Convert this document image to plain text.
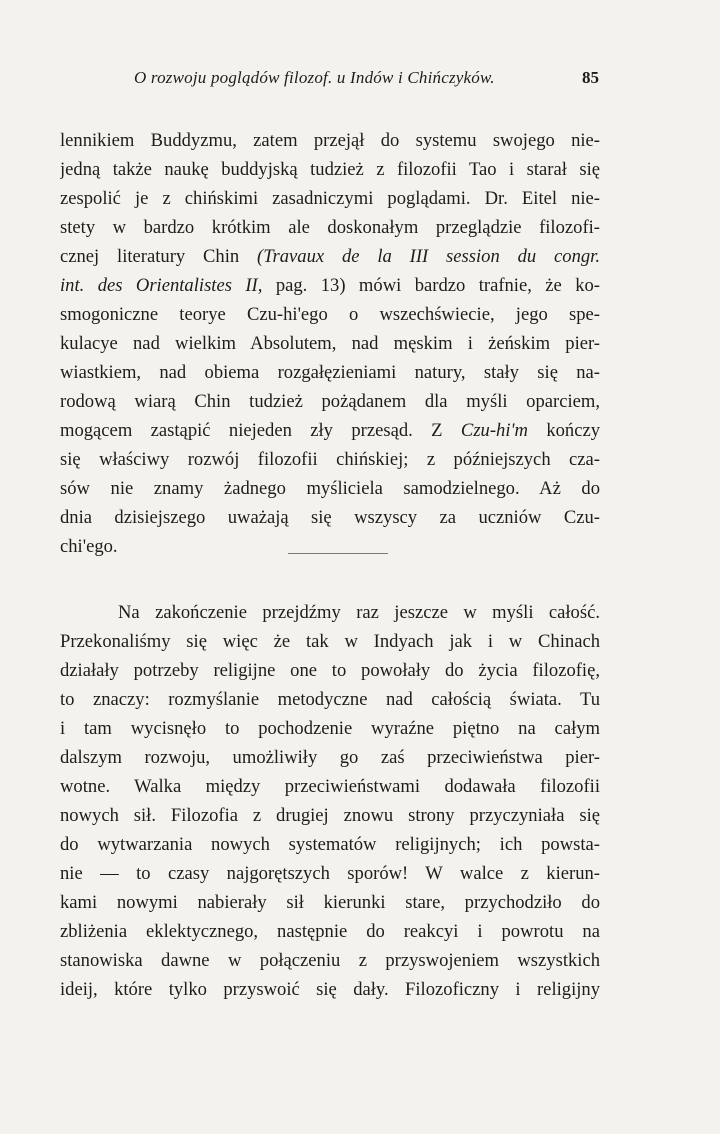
O rozwoju poglądów filozof. u Indów i Chińczyków.	85
lennikiem Buddyzmu, zatem przejął do systemu swojego nie-
jedną także naukę buddyjską tudzież z filozofii Tao i starał się
zespolić je z chińskimi zasadniczymi poglądami. Dr. Eitel nie-
stety w bardzo krótkim ale doskonałym przeglądzie filozofi-
cznej literatury Chin (Travaux de la III session du congr.
int. des Orientalistes II, pag. 13) mówi bardzo trafnie, że ko-
smogoniczne teorye Czu-hi'ego o wszechświecie, jego spe-
kulacye nad wielkim Absolutem, nad męskim i żeńskim pier-
wiastkiem, nad obiema rozgałęzieniami natury, stały się na-
rodową wiarą Chin tudzież pożądanem dla myśli oparciem,
mogącem zastąpić niejeden zły przesąd. Z Czu-hi'm kończy
się właściwy rozwój filozofii chińskiej; z późniejszych cza-
sów nie znamy żadnego myśliciela samodzielnego. Aż do
dnia dzisiejszego uważają się wszyscy za uczniów Czu-
chi'ego.
Na zakończenie przejdźmy raz jeszcze w myśli całość.
Przekonaliśmy się więc że tak w Indyach jak i w Chinach
działały potrzeby religijne one to powołały do życia filozofię,
to znaczy: rozmyślanie metodyczne nad całością świata. Tu
i tam wycisnęło to pochodzenie wyraźne piętno na całym
dalszym rozwoju, umożliwiły go zaś przeciwieństwa pier-
wotne. Walka między przeciwieństwami dodawała filozofii
nowych sił. Filozofia z drugiej znowu strony przyczyniała się
do wytwarzania nowych systematów religijnych; ich powsta-
nie — to czasy najgorętszych sporów! W walce z kierun-
kami nowymi nabierały sił kierunki stare, przychodziło do
zbliżenia eklektycznego, następnie do reakcyi i powrotu na
stanowiska dawne w połączeniu z przyswojeniem wszystkich
ideij, które tylko przyswoić się dały. Filozoficzny i religijny
